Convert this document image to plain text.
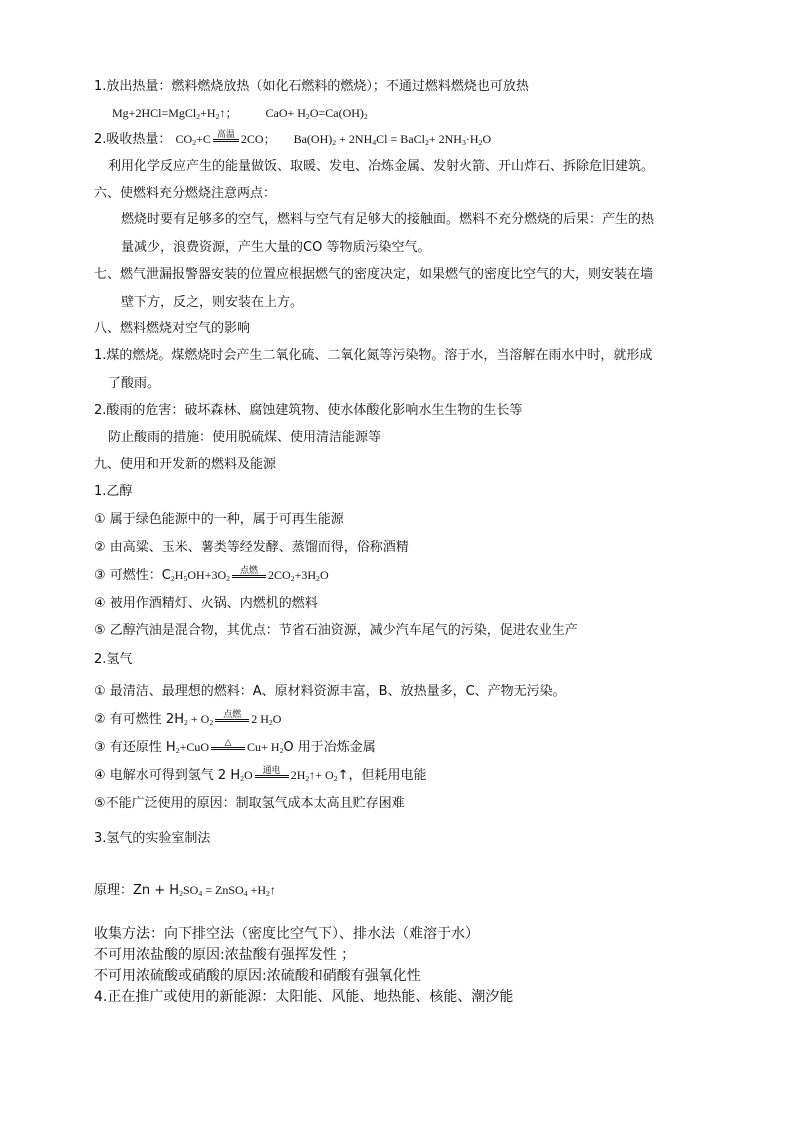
1.放出热量：燃料燃烧放热（如化石燃料的燃烧）；不通过燃料燃烧也可放热
$Mg+2HCl=MgCl_2+H_2↑$； $CaO+ H_2O=Ca(OH)_2$
2.吸收热量： $CO_2+C$ 高温 2CO； $Ba(OH)_2 + 2NH_4Cl$ = BaCl$_2$+ $2NH_3\cdot H_2O$
利用化学反应产生的能量做饭、取暖、发电、冶炼金属、发射火箭、开山炸石、拆除危旧建筑。
六、使燃料充分燃烧注意两点：
燃烧时要有足够多的空气，燃料与空气有足够大的接触面。燃料不充分燃烧的后果：产生的热
量减少，浪费资源，产生大量的CO 等物质污染空气。
七、燃气泄漏报警器安装的位置应根据燃气的密度决定，如果燃气的密度比空气的大，则安装在墙
壁下方，反之，则安装在上方。
八、燃料燃烧对空气的影响
1.煤的燃烧。煤燃烧时会产生二氧化硫、二氧化氮等污染物。溶于水，当溶解在雨水中时，就形成
了酸雨。
2.酸雨的危害：破坏森林、腐蚀建筑物、使水体酸化影响水生生物的生长等
防止酸雨的措施：使用脱硫煤、使用清洁能源等
九、使用和开发新的燃料及能源
1.乙醇
① 属于绿色能源中的一种，属于可再生能源
② 由高粱、玉米、薯类等经发酵、蒸馏而得，俗称酒精
③ 可燃性：$C_2H_5OH+3O_2$
点燃 $2CO_2+3H_2O$
④ 被用作酒精灯、火锅、内燃机的燃料
⑤ 乙醇汽油是混合物，其优点：节省石油资源，减少汽车尾气的污染，促进农业生产
2.氢气
① 最清洁、最理想的燃料：A、原材料资源丰富，B、放热量多，C、产物无污染。
② 有可燃性 $2H_2 + O_2$
点燃 2 $H_2O$
③ 有还原性 $H_2+CuO$ △ $Cu+ H_2O$ 用于冶炼金属
④ 电解水可得到氢气 2 $H_2O$ 通电 $2H_2↑+$ $O_2↑$，但耗用电能
⑤不能广泛使用的原因：制取氢气成本太高且贮存困难
3.氢气的实验室制法
原理：$Zn + H_2SO_4$ = ZnSO$_4$ $+H_2↑$
收集方法：向下排空法（密度比空气下）、排水法（难溶于水）
不可用浓盐酸的原因:浓盐酸有强挥发性 ；
不可用浓硫酸或硝酸的原因:浓硫酸和硝酸有强氧化性
4.正在推广或使用的新能源：太阳能、风能、地热能、核能、潮汐能
